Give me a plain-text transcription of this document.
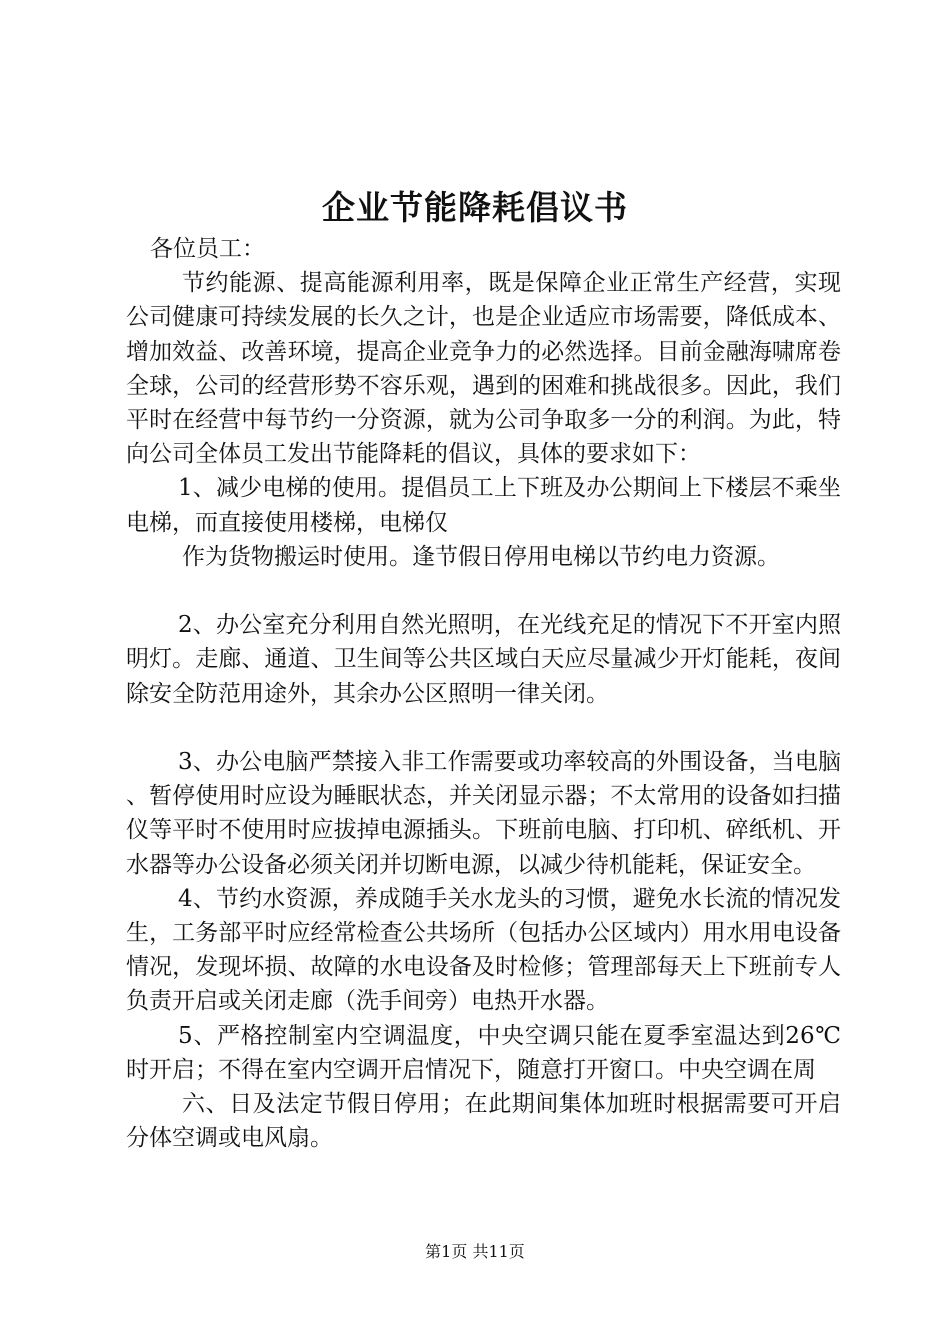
企业节能降耗倡议书

各位员工：

节约能源、提高能源利用率，既是保障企业正常生产经营，实现公司健康可持续发展的长久之计，也是企业适应市场需要，降低成本、增加效益、改善环境，提高企业竞争力的必然选择。目前金融海啸席卷全球，公司的经营形势不容乐观，遇到的困难和挑战很多。因此，我们平时在经营中每节约一分资源，就为公司争取多一分的利润。为此，特向公司全体员工发出节能降耗的倡议，具体的要求如下：

1、减少电梯的使用。提倡员工上下班及办公期间上下楼层不乘坐电梯，而直接使用楼梯，电梯仅

作为货物搬运时使用。逢节假日停用电梯以节约电力资源。

2、办公室充分利用自然光照明，在光线充足的情况下不开室内照明灯。走廊、通道、卫生间等公共区域白天应尽量减少开灯能耗，夜间除安全防范用途外，其余办公区照明一律关闭。

3、办公电脑严禁接入非工作需要或功率较高的外围设备，当电脑、暂停使用时应设为睡眠状态，并关闭显示器；不太常用的设备如扫描仪等平时不使用时应拔掉电源插头。下班前电脑、打印机、碎纸机、开水器等办公设备必须关闭并切断电源，以减少待机能耗，保证安全。

4、节约水资源，养成随手关水龙头的习惯，避免水长流的情况发生，工务部平时应经常检查公共场所（包括办公区域内）用水用电设备情况，发现坏损、故障的水电设备及时检修；管理部每天上下班前专人负责开启或关闭走廊（洗手间旁）电热开水器。

5、严格控制室内空调温度，中央空调只能在夏季室温达到26℃时开启；不得在室内空调开启情况下，随意打开窗口。中央空调在周

六、日及法定节假日停用；在此期间集体加班时根据需要可开启分体空调或电风扇。

第1页 共11页
